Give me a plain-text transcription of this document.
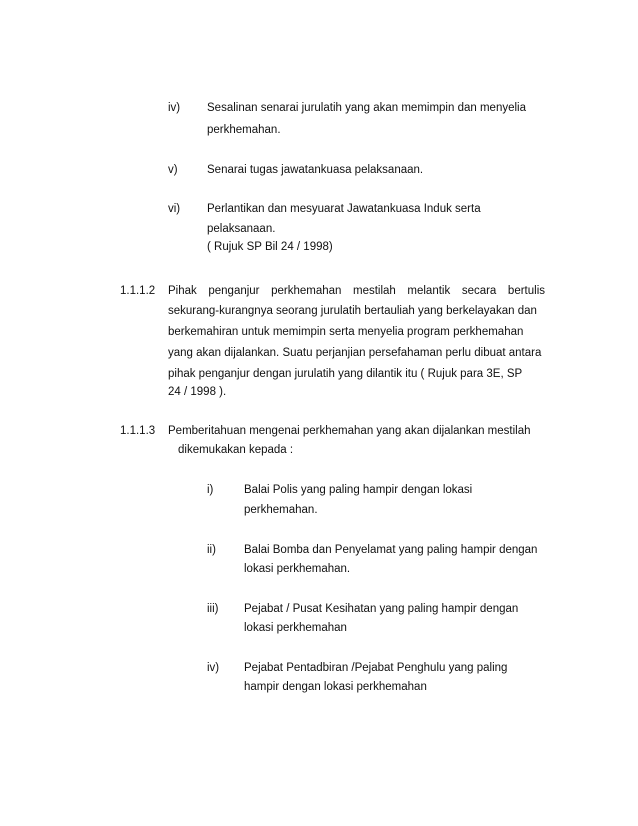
iv) Sesalinan senarai jurulatih yang akan memimpin dan menyelia
perkhemahan.
v)	Senarai tugas jawatankuasa pelaksanaan.
vi) Perlantikan dan mesyuarat Jawatankuasa Induk serta
pelaksanaan.
( Rujuk SP Bil 24 / 1998)
1.1.1.2 Pihak penganjur perkhemahan mestilah melantik secara bertulis
sekurang-kurangnya seorang jurulatih bertauliah yang berkelayakan dan
berkemahiran untuk memimpin serta menyelia program perkhemahan
yang akan dijalankan. Suatu perjanjian persefahaman perlu dibuat antara
pihak penganjur dengan jurulatih yang dilantik itu ( Rujuk para 3E, SP
24 / 1998 ).
1.1.1.3 Pemberitahuan mengenai perkhemahan yang akan dijalankan mestilah
dikemukakan kepada :
i)	Balai Polis yang paling hampir dengan lokasi
perkhemahan.
ii) Balai Bomba dan Penyelamat yang paling hampir dengan
lokasi perkhemahan.
iii) Pejabat / Pusat Kesihatan yang paling hampir dengan
lokasi perkhemahan
iv) Pejabat Pentadbiran /Pejabat Penghulu yang paling
hampir dengan lokasi perkhemahan
